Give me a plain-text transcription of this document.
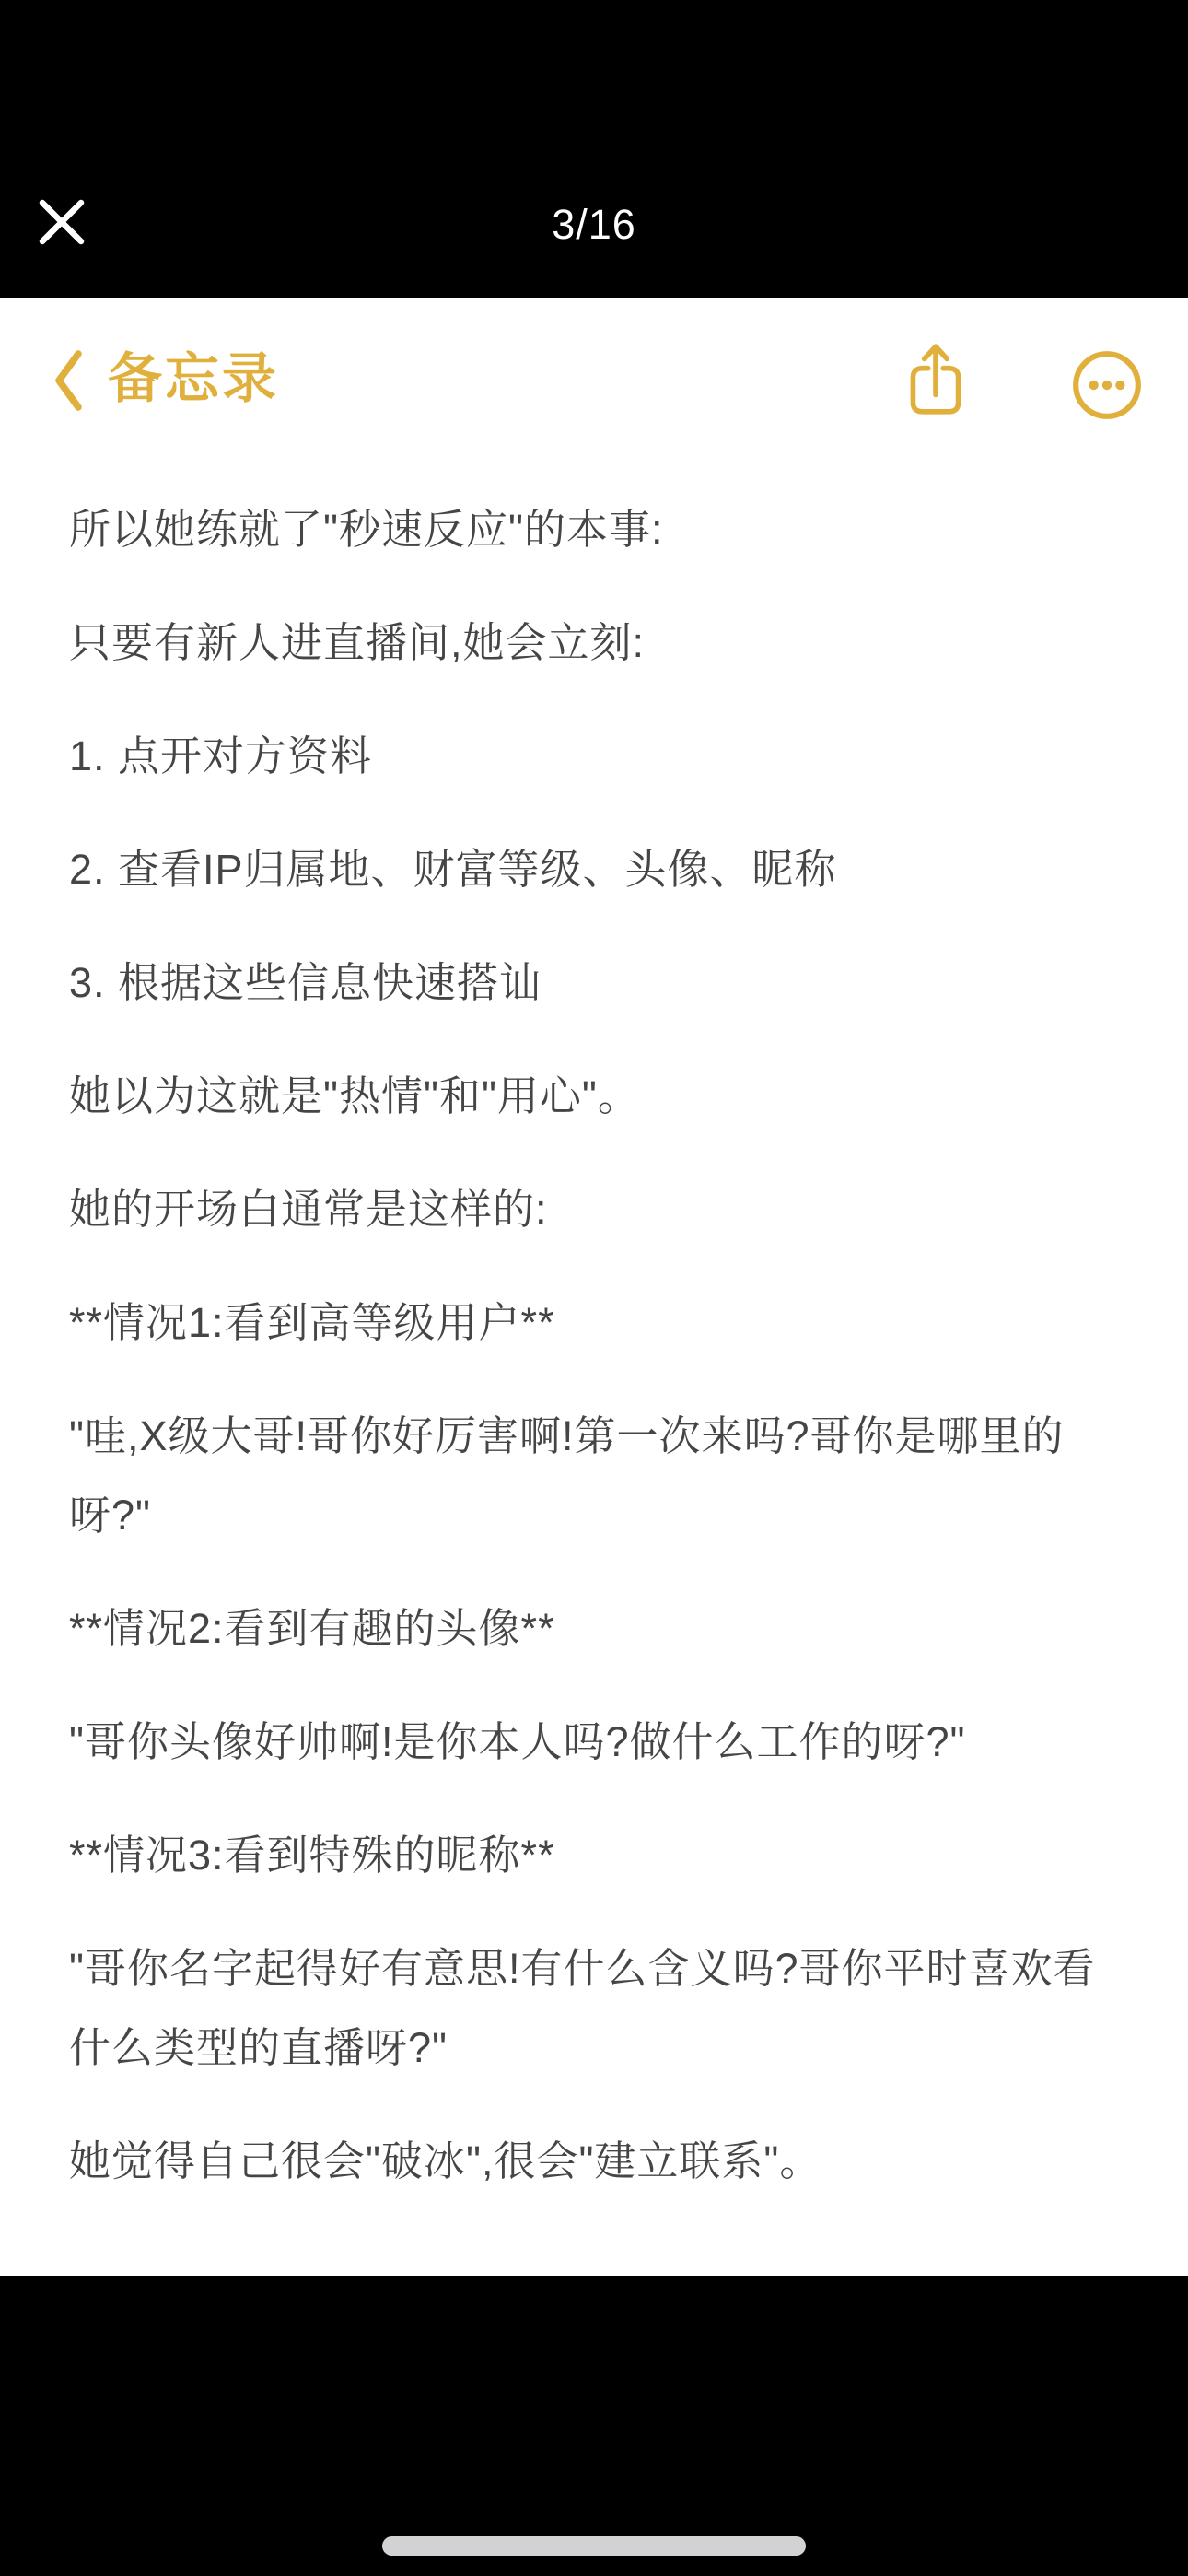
3/16
备忘录

所以她练就了"秒速反应"的本事:

只要有新人进直播间,她会立刻:

1. 点开对方资料

2. 查看IP归属地、财富等级、头像、昵称

3. 根据这些信息快速搭讪

她以为这就是"热情"和"用心"。

她的开场白通常是这样的:

**情况1:看到高等级用户**

"哇,X级大哥!哥你好厉害啊!第一次来吗?哥你是哪里的呀?"

**情况2:看到有趣的头像**

"哥你头像好帅啊!是你本人吗?做什么工作的呀?"

**情况3:看到特殊的昵称**

"哥你名字起得好有意思!有什么含义吗?哥你平时喜欢看什么类型的直播呀?"

她觉得自己很会"破冰",很会"建立联系"。
